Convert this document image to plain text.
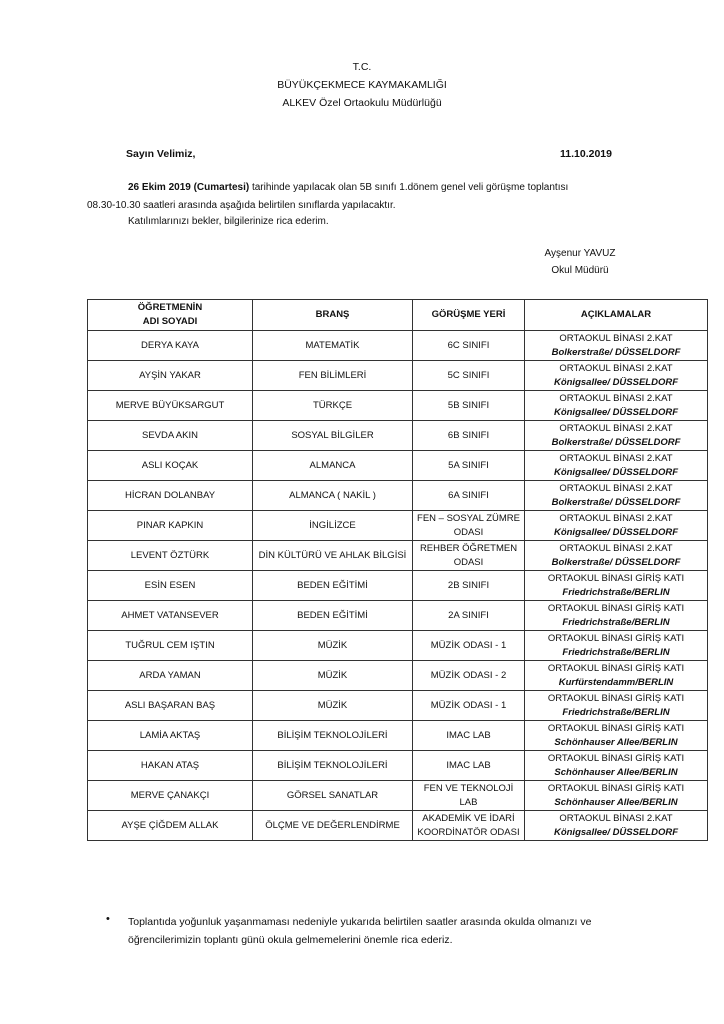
T.C.
BÜYÜKÇEKMECE KAYMAKAMLIĞI
ALKEV Özel Ortaokulu Müdürlüğü
Sayın Velimiz,	11.10.2019
26 Ekim 2019 (Cumartesi) tarihinde yapılacak olan 5B sınıfı 1.dönem genel veli görüşme toplantısı
08.30-10.30 saatleri arasında aşağıda belirtilen sınıflarda yapılacaktır.
Katılımlarınızı bekler, bilgilerinize rica ederim.
Ayşenur YAVUZ
Okul Müdürü
ÖĞRETMENİN
ADI SOYADI	BRANŞ	GÖRÜŞME YERİ	AÇIKLAMALAR
DERYA KAYA	MATEMATİK	6C SINIFI	ORTAOKUL BİNASI 2.KAT
Bolkerstraße/ DÜSSELDORF

AYŞİN YAKAR	FEN BİLİMLERİ	5C SINIFI	ORTAOKUL BİNASI 2.KAT
Königsallee/ DÜSSELDORF

MERVE BÜYÜKSARGUT	TÜRKÇE	5B SINIFI	ORTAOKUL BİNASI 2.KAT
Königsallee/ DÜSSELDORF

SEVDA AKIN	SOSYAL BİLGİLER	6B SINIFI	ORTAOKUL BİNASI 2.KAT
Bolkerstraße/ DÜSSELDORF

ASLI KOÇAK	ALMANCA	5A SINIFI	ORTAOKUL BİNASI 2.KAT
Königsallee/ DÜSSELDORF

HİCRAN DOLANBAY	ALMANCA ( NAKİL )	6A SINIFI	ORTAOKUL BİNASI 2.KAT
Bolkerstraße/ DÜSSELDORF

PINAR KAPKIN	İNGİLİZCE	FEN – SOSYAL ZÜMRE ODASI	ORTAOKUL BİNASI 2.KAT
Königsallee/ DÜSSELDORF

LEVENT ÖZTÜRK	DİN KÜLTÜRÜ VE AHLAK BİLGİSİ	REHBER ÖĞRETMEN ODASI	ORTAOKUL BİNASI 2.KAT
Bolkerstraße/ DÜSSELDORF

ESİN ESEN	BEDEN EĞİTİMİ	2B SINIFI	ORTAOKUL BİNASI GİRİŞ KATI
Friedrichstraße/BERLIN

AHMET VATANSEVER	BEDEN EĞİTİMİ	2A SINIFI	ORTAOKUL BİNASI GİRİŞ KATI
Friedrichstraße/BERLIN

TUĞRUL CEM IŞTIN	MÜZİK	MÜZİK ODASI - 1	ORTAOKUL BİNASI GİRİŞ KATI
Friedrichstraße/BERLIN

ARDA YAMAN	MÜZİK	MÜZİK ODASI - 2	ORTAOKUL BİNASI GİRİŞ KATI
Kurfürstendamm/BERLIN

ASLI BAŞARAN BAŞ	MÜZİK	MÜZİK ODASI - 1	ORTAOKUL BİNASI GİRİŞ KATI
Friedrichstraße/BERLIN

LAMİA AKTAŞ	BİLİŞİM TEKNOLOJİLERİ	IMAC LAB	ORTAOKUL BİNASI GİRİŞ KATI
Schönhauser Allee/BERLIN

HAKAN ATAŞ	BİLİŞİM TEKNOLOJİLERİ	IMAC LAB	ORTAOKUL BİNASI GİRİŞ KATI
Schönhauser Allee/BERLIN

MERVE ÇANAKÇI	GÖRSEL SANATLAR	FEN VE TEKNOLOJİ LAB	ORTAOKUL BİNASI GİRİŞ KATI
Schönhauser Allee/BERLIN

AYŞE ÇİĞDEM ALLAK	ÖLÇME VE DEĞERLENDİRME	AKADEMİK VE İDARİ KOORDİNATÖR ODASI	ORTAOKUL BİNASI 2.KAT
Königsallee/ DÜSSELDORF
• Toplantıda yoğunluk yaşanmaması nedeniyle yukarıda belirtilen saatler arasında okulda olmanızı ve öğrencilerimizin toplantı günü okula gelmemelerini önemle rica ederiz.
